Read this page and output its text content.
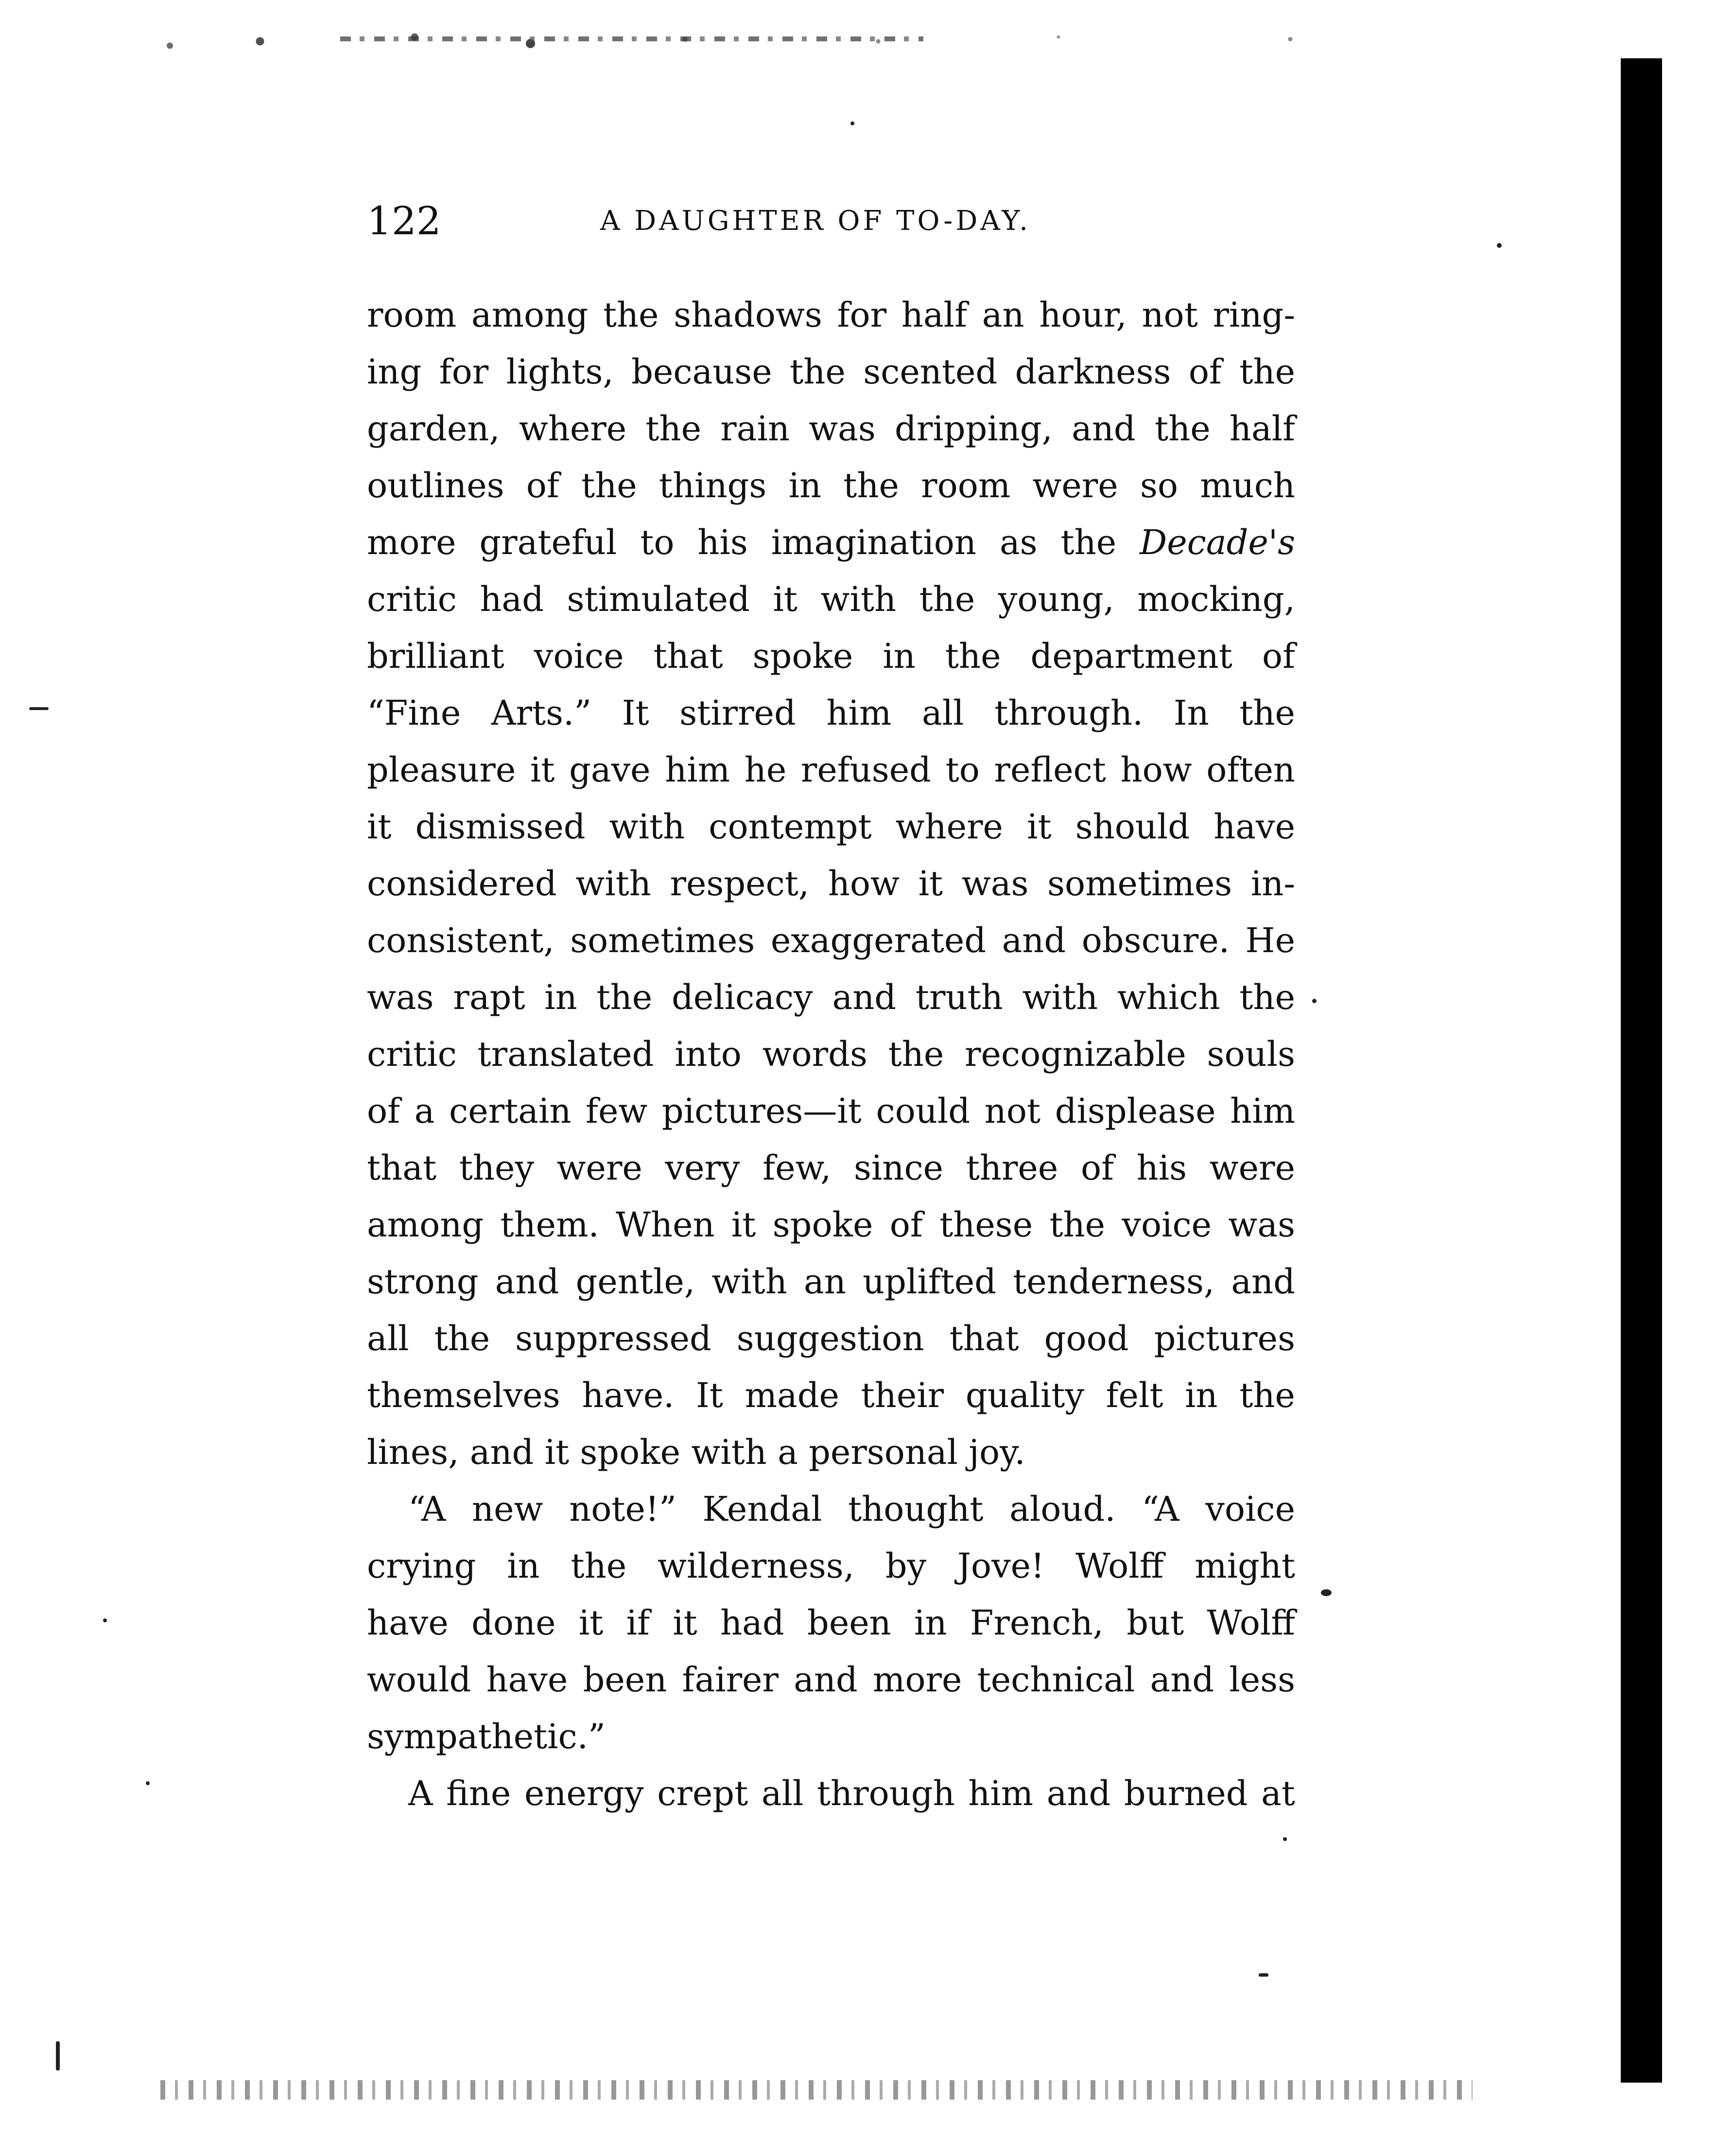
122	A DAUGHTER OF TO-DAY.
room among the shadows for half an hour, not ring-
ing for lights, because the scented darkness of the
garden, where the rain was dripping, and the half
outlines of the things in the room were so much
more grateful to his imagination as the Decade's
critic had stimulated it with the young, mocking,
brilliant voice that spoke in the department of
“Fine Arts.” It stirred him all through. In the
pleasure it gave him he refused to reflect how often
it dismissed with contempt where it should have
considered with respect, how it was sometimes in-
consistent, sometimes exaggerated and obscure. He
was rapt in the delicacy and truth with which the
critic translated into words the recognizable souls
of a certain few pictures—it could not displease him
that they were very few, since three of his were
among them. When it spoke of these the voice was
strong and gentle, with an uplifted tenderness, and
all the suppressed suggestion that good pictures
themselves have. It made their quality felt in the
lines, and it spoke with a personal joy.
“A new note!” Kendal thought aloud. “A voice
crying in the wilderness, by Jove! Wolff might
have done it if it had been in French, but Wolff
would have been fairer and more technical and less
sympathetic.”
A fine energy crept all through him and burned at
